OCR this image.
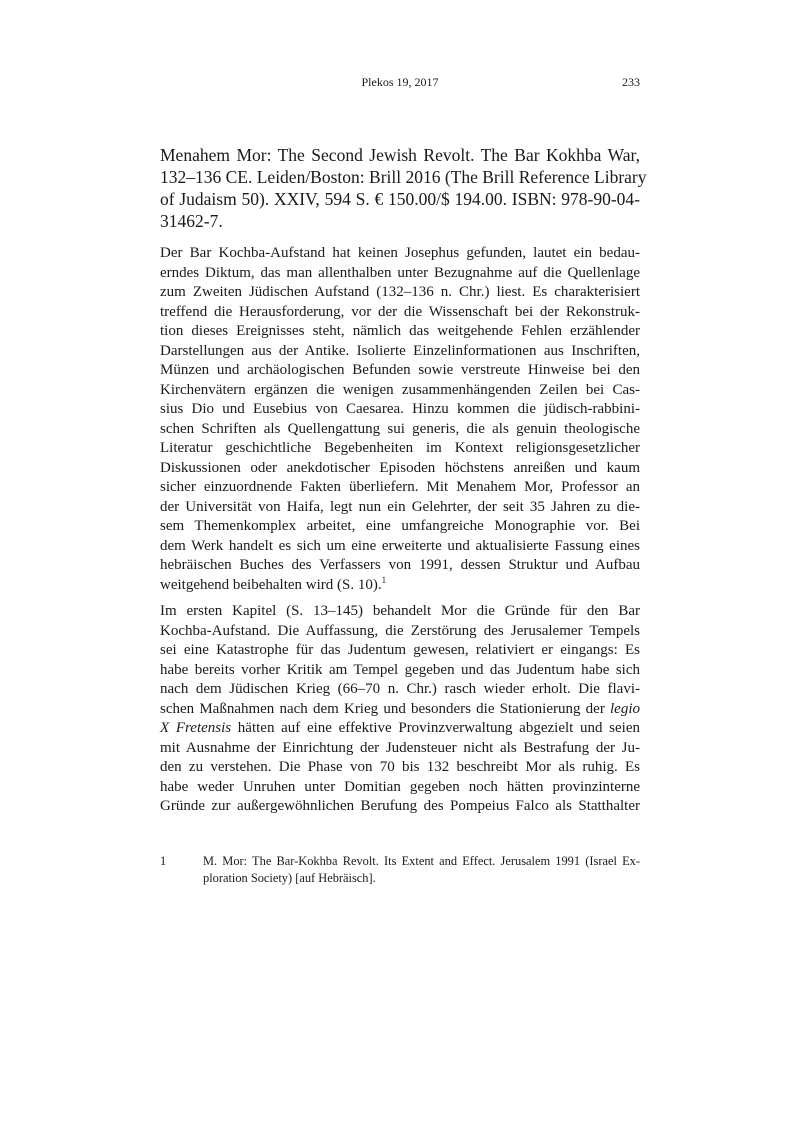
Plekos 19, 2017	233
Menahem Mor: The Second Jewish Revolt. The Bar Kokhba War,
132–136 CE. Leiden/Boston: Brill 2016 (The Brill Reference Library
of Judaism 50). XXIV, 594 S. € 150.00/$ 194.00. ISBN: 978-90-04-
31462-7.
Der Bar Kochba-Aufstand hat keinen Josephus gefunden, lautet ein bedau-
erndes Diktum, das man allenthalben unter Bezugnahme auf die Quellenlage
zum Zweiten Jüdischen Aufstand (132–136 n. Chr.) liest. Es charakterisiert
treffend die Herausforderung, vor der die Wissenschaft bei der Rekonstruk-
tion dieses Ereignisses steht, nämlich das weitgehende Fehlen erzählender
Darstellungen aus der Antike. Isolierte Einzelinformationen aus Inschriften,
Münzen und archäologischen Befunden sowie verstreute Hinweise bei den
Kirchenvätern ergänzen die wenigen zusammenhängenden Zeilen bei Cas-
sius Dio und Eusebius von Caesarea. Hinzu kommen die jüdisch-rabbini-
schen Schriften als Quellengattung sui generis, die als genuin theologische
Literatur geschichtliche Begebenheiten im Kontext religionsgesetzlicher
Diskussionen oder anekdotischer Episoden höchstens anreißen und kaum
sicher einzuordnende Fakten überliefern. Mit Menahem Mor, Professor an
der Universität von Haifa, legt nun ein Gelehrter, der seit 35 Jahren zu die-
sem Themenkomplex arbeitet, eine umfangreiche Monographie vor. Bei
dem Werk handelt es sich um eine erweiterte und aktualisierte Fassung eines
hebräischen Buches des Verfassers von 1991, dessen Struktur und Aufbau
weitgehend beibehalten wird (S. 10).$^1$
Im ersten Kapitel (S. 13–145) behandelt Mor die Gründe für den Bar
Kochba-Aufstand. Die Auffassung, die Zerstörung des Jerusalemer Tempels
sei eine Katastrophe für das Judentum gewesen, relativiert er eingangs: Es
habe bereits vorher Kritik am Tempel gegeben und das Judentum habe sich
nach dem Jüdischen Krieg (66–70 n. Chr.) rasch wieder erholt. Die flavi-
schen Maßnahmen nach dem Krieg und besonders die Stationierung der legio
X Fretensis hätten auf eine effektive Provinzverwaltung abgezielt und seien
mit Ausnahme der Einrichtung der Judensteuer nicht als Bestrafung der Ju-
den zu verstehen. Die Phase von 70 bis 132 beschreibt Mor als ruhig. Es
habe weder Unruhen unter Domitian gegeben noch hätten provinzinterne
Gründe zur außergewöhnlichen Berufung des Pompeius Falco als Statthalter
1	M. Mor: The Bar-Kokhba Revolt. Its Extent and Effect. Jerusalem 1991 (Israel Ex-
ploration Society) [auf Hebräisch].
